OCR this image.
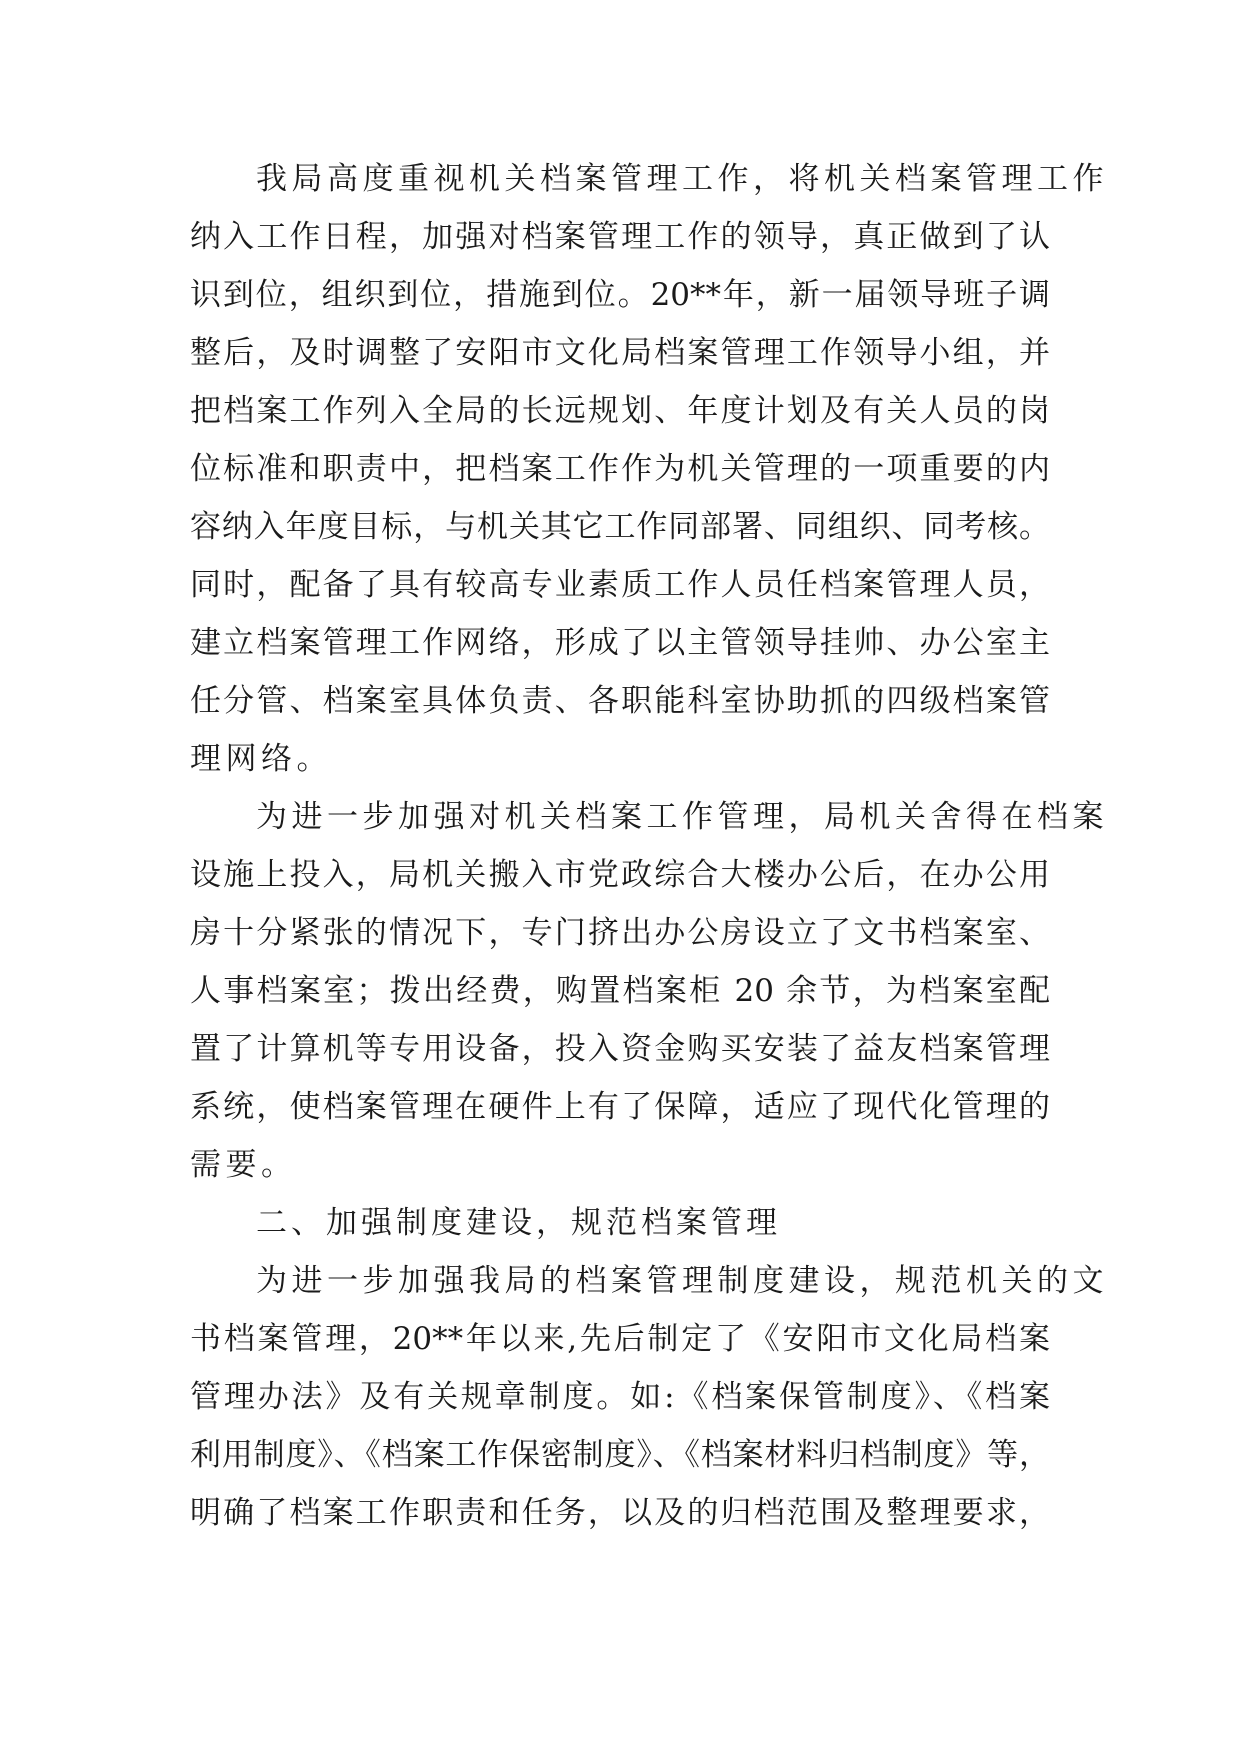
我局高度重视机关档案管理工作，将机关档案管理工作
纳入工作日程，加强对档案管理工作的领导，真正做到了认
识到位，组织到位，措施到位。20**年，新一届领导班子调
整后，及时调整了安阳市文化局档案管理工作领导小组，并
把档案工作列入全局的长远规划、年度计划及有关人员的岗
位标准和职责中，把档案工作作为机关管理的一项重要的内
容纳入年度目标，与机关其它工作同部署、同组织、同考核。
同时，配备了具有较高专业素质工作人员任档案管理人员，
建立档案管理工作网络，形成了以主管领导挂帅、办公室主
任分管、档案室具体负责、各职能科室协助抓的四级档案管
理网络。
为进一步加强对机关档案工作管理，局机关舍得在档案
设施上投入，局机关搬入市党政综合大楼办公后，在办公用
房十分紧张的情况下，专门挤出办公房设立了文书档案室、
人事档案室；拨出经费，购置档案柜 20 余节，为档案室配
置了计算机等专用设备，投入资金购买安装了益友档案管理
系统，使档案管理在硬件上有了保障，适应了现代化管理的
需要。
二、加强制度建设，规范档案管理
为进一步加强我局的档案管理制度建设，规范机关的文
书档案管理，20**年以来,先后制定了《安阳市文化局档案
管理办法》及有关规章制度。如:《档案保管制度》、《档案
利用制度》、《档案工作保密制度》、《档案材料归档制度》等，
明确了档案工作职责和任务，以及的归档范围及整理要求，
